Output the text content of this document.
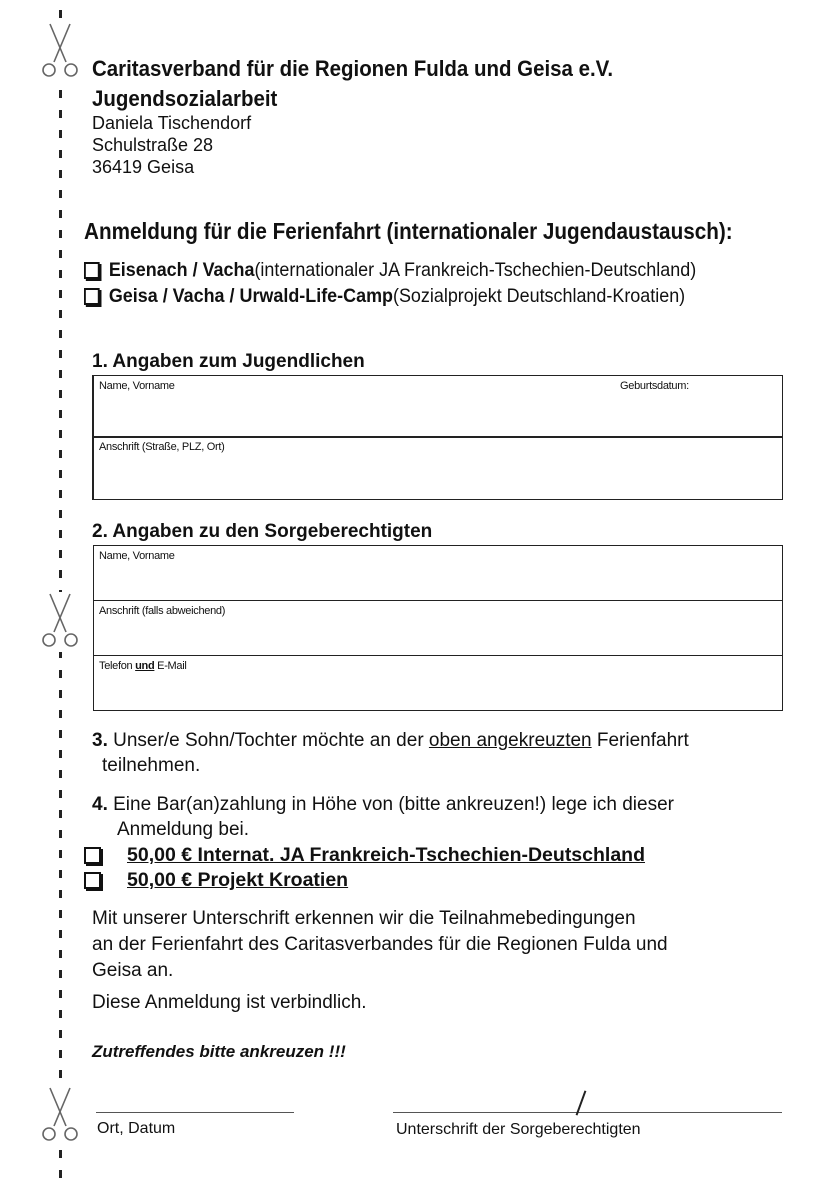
Caritasverband für die Regionen Fulda und Geisa e.V.
Jugendsozialarbeit
Daniela Tischendorf
Schulstraße 28
36419 Geisa
Anmeldung für die Ferienfahrt (internationaler Jugendaustausch):
Eisenach / Vacha (internationaler JA Frankreich-Tschechien-Deutschland)
Geisa / Vacha / Urwald-Life-Camp (Sozialprojekt Deutschland-Kroatien)
1. Angaben zum Jugendlichen
Name, Vorname	Geburtsdatum:
Anschrift (Straße, PLZ, Ort)
2. Angaben zu den Sorgeberechtigten
Name, Vorname
Anschrift (falls abweichend)
Telefon und E-Mail
3. Unser/e Sohn/Tochter möchte an der oben angekreuzten Ferienfahrt
teilnehmen.
4. Eine Bar(an)zahlung in Höhe von (bitte ankreuzen!) lege ich dieser
Anmeldung bei.
50,00 € Internat. JA Frankreich-Tschechien-Deutschland
50,00 € Projekt Kroatien
Mit unserer Unterschrift erkennen wir die Teilnahmebedingungen
an der Ferienfahrt des Caritasverbandes für die Regionen Fulda und
Geisa an.
Diese Anmeldung ist verbindlich.
Zutreffendes bitte ankreuzen !!!
Ort, Datum	Unterschrift der Sorgeberechtigten
